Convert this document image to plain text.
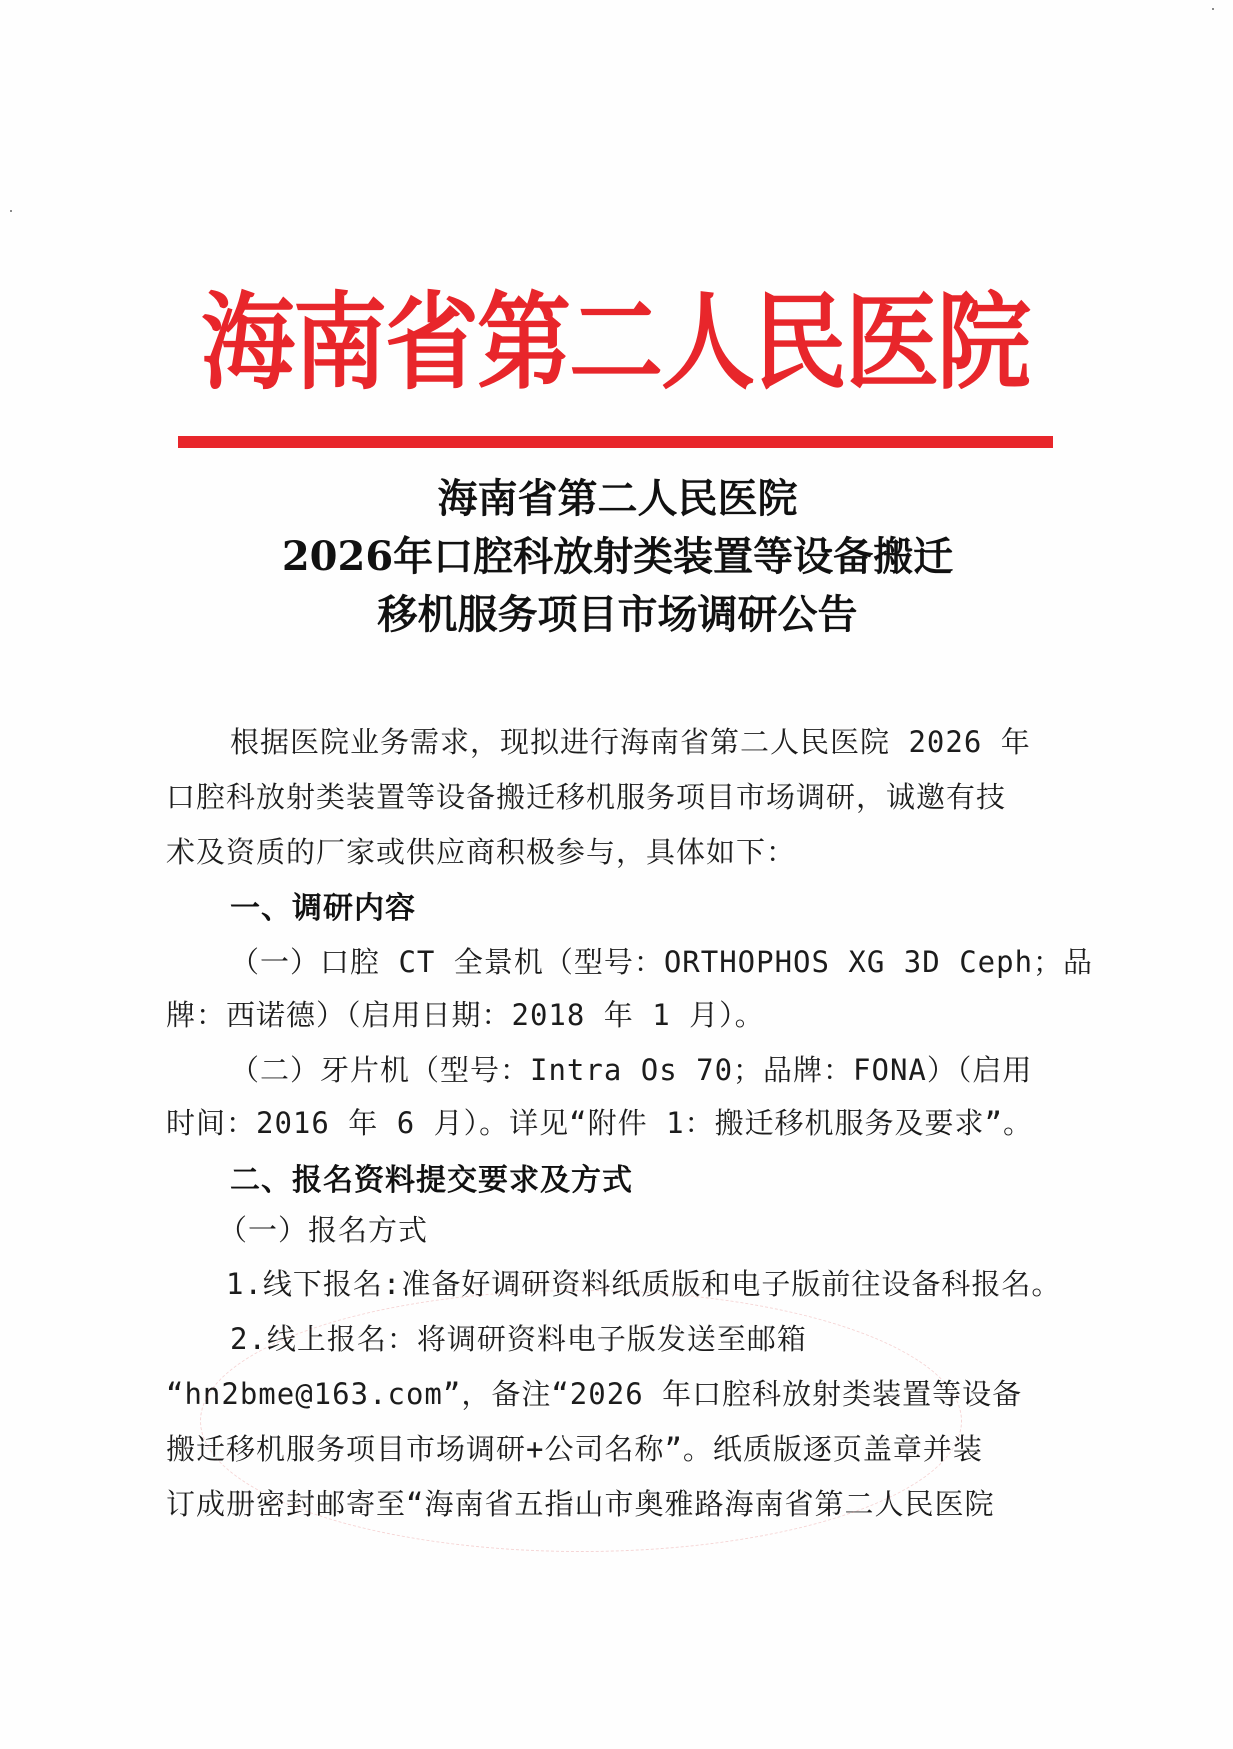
海南省第二人民医院
海南省第二人民医院
2026年口腔科放射类装置等设备搬迁
移机服务项目市场调研公告
根据医院业务需求，现拟进行海南省第二人民医院 2026 年
口腔科放射类装置等设备搬迁移机服务项目市场调研，诚邀有技
术及资质的厂家或供应商积极参与，具体如下：
一、调研内容
（一）口腔 CT 全景机（型号：ORTHOPHOS XG 3D Ceph；品
牌：西诺德）（启用日期：2018 年 1 月）。
（二）牙片机（型号：Intra Os 70；品牌：FONA）（启用
时间：2016 年 6 月）。详见“附件 1：搬迁移机服务及要求”。
二、报名资料提交要求及方式
（一）报名方式
1.线下报名:准备好调研资料纸质版和电子版前往设备科报名。
2.线上报名：将调研资料电子版发送至邮箱
“hn2bme@163.com”，备注“2026 年口腔科放射类装置等设备
搬迁移机服务项目市场调研+公司名称”。纸质版逐页盖章并装
订成册密封邮寄至“海南省五指山市奥雅路海南省第二人民医院
